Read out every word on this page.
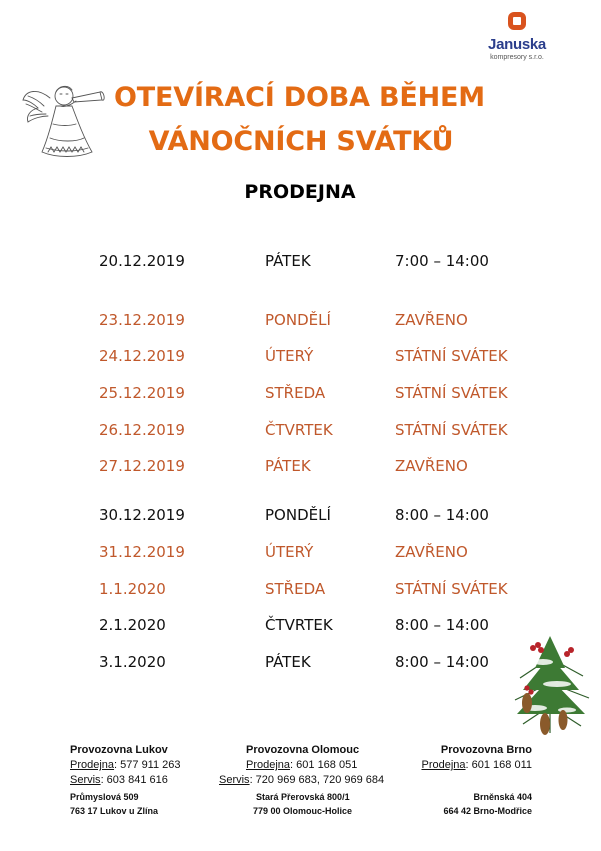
Januska
kompresory s.r.o.
OTEVÍRACÍ DOBA BĚHEM
VÁNOČNÍCH SVÁTKŮ
PRODEJNA
20.12.2019	PÁTEK	7:00 – 14:00
23.12.2019	PONDĚLÍ	ZAVŘENO
24.12.2019	ÚTERÝ	STÁTNÍ SVÁTEK
25.12.2019	STŘEDA	STÁTNÍ SVÁTEK
26.12.2019	ČTVRTEK	STÁTNÍ SVÁTEK
27.12.2019	PÁTEK	ZAVŘENO
30.12.2019	PONDĚLÍ	8:00 – 14:00
31.12.2019	ÚTERÝ	ZAVŘENO
1.1.2020	STŘEDA	STÁTNÍ SVÁTEK
2.1.2020	ČTVRTEK	8:00 – 14:00
3.1.2020	PÁTEK	8:00 – 14:00
Provozovna Lukov
Prodejna: 577 911 263
Servis: 603 841 616
Průmyslová 509
763 17 Lukov u Zlína
Provozovna Olomouc
Prodejna: 601 168 051
Servis: 720 969 683, 720 969 684
Stará Přerovská 800/1
779 00 Olomouc-Holice
Provozovna Brno
Prodejna: 601 168 011
Brněnská 404
664 42 Brno-Modřice
